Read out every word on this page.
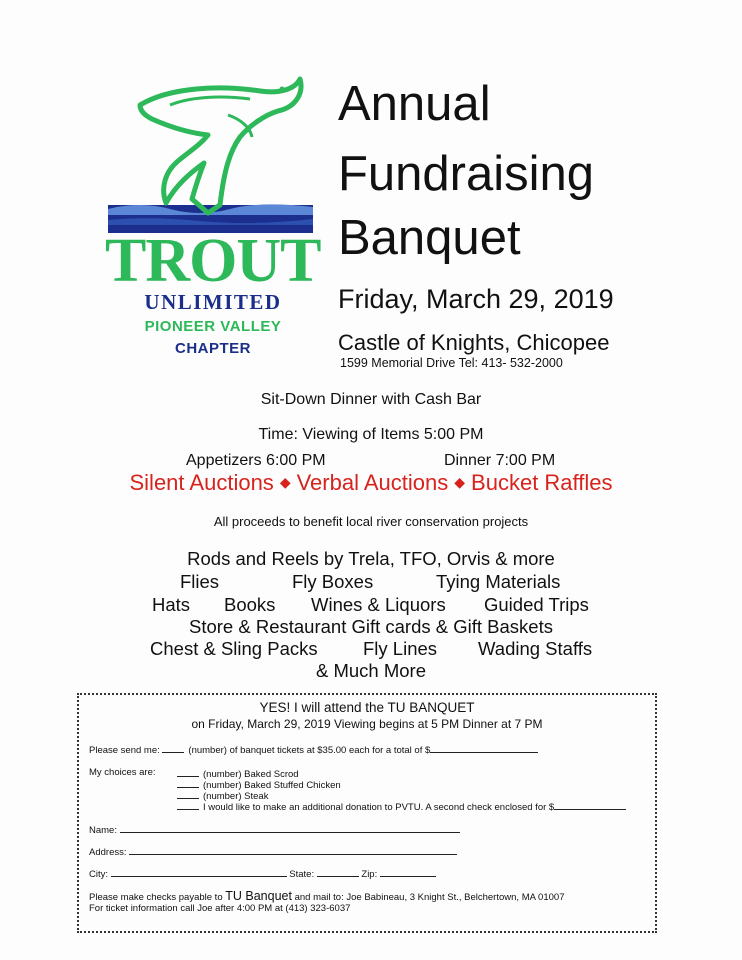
TROUT
UNLIMITED
PIONEER VALLEY
CHAPTER
Annual
Fundraising
Banquet
Friday, March 29, 2019
Castle of Knights, Chicopee
1599 Memorial Drive Tel: 413- 532-2000
Sit-Down Dinner with Cash Bar
Time: Viewing of Items 5:00 PM
Appetizers 6:00 PM	Dinner 7:00 PM
Silent Auctions ◆ Verbal Auctions ◆ Bucket Raffles
All proceeds to benefit local river conservation projects
Rods and Reels by Trela, TFO, Orvis & more
Flies	Fly Boxes	Tying Materials
Hats Books Wines & Liquors Guided Trips
Store & Restaurant Gift cards & Gift Baskets
Chest & Sling Packs Fly Lines Wading Staffs
& Much More
YES! I will attend the TU BANQUET
on Friday, March 29, 2019 Viewing begins at 5 PM Dinner at 7 PM
Please send me:	(number) of banquet tickets at $35.00 each for a total of $
My choices are:	(number) Baked Scrod
(number) Baked Stuffed Chicken
(number) Steak
I would like to make an additional donation to PVTU. A second check enclosed for $
Name:
Address:
City:	State:	Zip:
Please make checks payable to TU Banquet and mail to: Joe Babineau, 3 Knight St., Belchertown, MA 01007
For ticket information call Joe after 4:00 PM at (413) 323-6037
